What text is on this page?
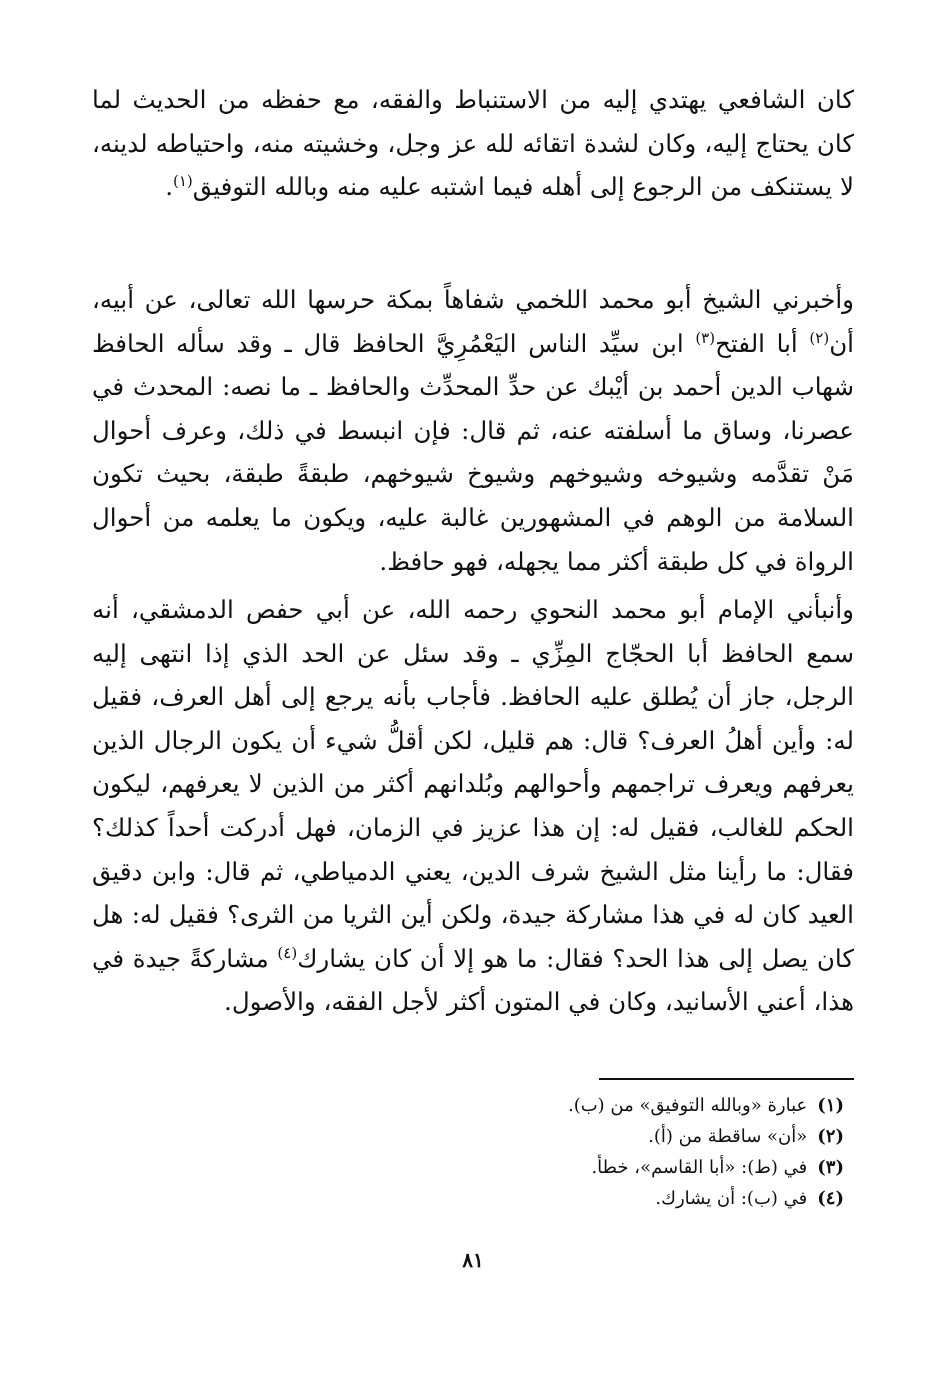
كان الشافعي يهتدي إليه من الاستنباط والفقه، مع حفظه من الحديث لما كان يحتاج إليه، وكان لشدة اتقائه لله عز وجل، وخشيته منه، واحتياطه لدينه، لا يستنكف من الرجوع إلى أهله فيما اشتبه عليه منه وبالله التوفيق$^{(١)}$.

وأخبرني الشيخ أبو محمد اللخمي شفاهاً بمكة حرسها الله تعالى، عن أبيه، أن$^{(٢)}$ أبا الفتح$^{(٣)}$ ابن سيِّد الناس اليَعْمُرِيَّ الحافظ قال ـ وقد سأله الحافظ شهاب الدين أحمد بن أيْبك عن حدِّ المحدِّث والحافظ ـ ما نصه: المحدث في عصرنا، وساق ما أسلفته عنه، ثم قال: فإن انبسط في ذلك، وعرف أحوال مَنْ تقدَّمه وشيوخه وشيوخهم وشيوخ شيوخهم، طبقةً طبقة، بحيث تكون السلامة من الوهم في المشهورين غالبة عليه، ويكون ما يعلمه من أحوال الرواة في كل طبقة أكثر مما يجهله، فهو حافظ.

وأنبأني الإمام أبو محمد النحوي رحمه الله، عن أبي حفص الدمشقي، أنه سمع الحافظ أبا الحجّاج المِزِّي ـ وقد سئل عن الحد الذي إذا انتهى إليه الرجل، جاز أن يُطلق عليه الحافظ. فأجاب بأنه يرجع إلى أهل العرف، فقيل له: وأين أهلُ العرف؟ قال: هم قليل، لكن أقلُّ شيء أن يكون الرجال الذين يعرفهم ويعرف تراجمهم وأحوالهم وبُلدانهم أكثر من الذين لا يعرفهم، ليكون الحكم للغالب، فقيل له: إن هذا عزيز في الزمان، فهل أدركت أحداً كذلك؟ فقال: ما رأينا مثل الشيخ شرف الدين، يعني الدمياطي، ثم قال: وابن دقيق العيد كان له في هذا مشاركة جيدة، ولكن أين الثريا من الثرى؟ فقيل له: هل كان يصل إلى هذا الحد؟ فقال: ما هو إلا أن كان يشارك$^{(٤)}$ مشاركةً جيدة في هذا، أعني الأسانيد، وكان في المتون أكثر لأجل الفقه، والأصول.

(١)عبارة «وبالله التوفيق» من (ب).

(٢)«أن» ساقطة من (أ).

(٣)في (ط): «أبا القاسم»، خطأ.

(٤)في (ب): أن يشارك.

٨١
